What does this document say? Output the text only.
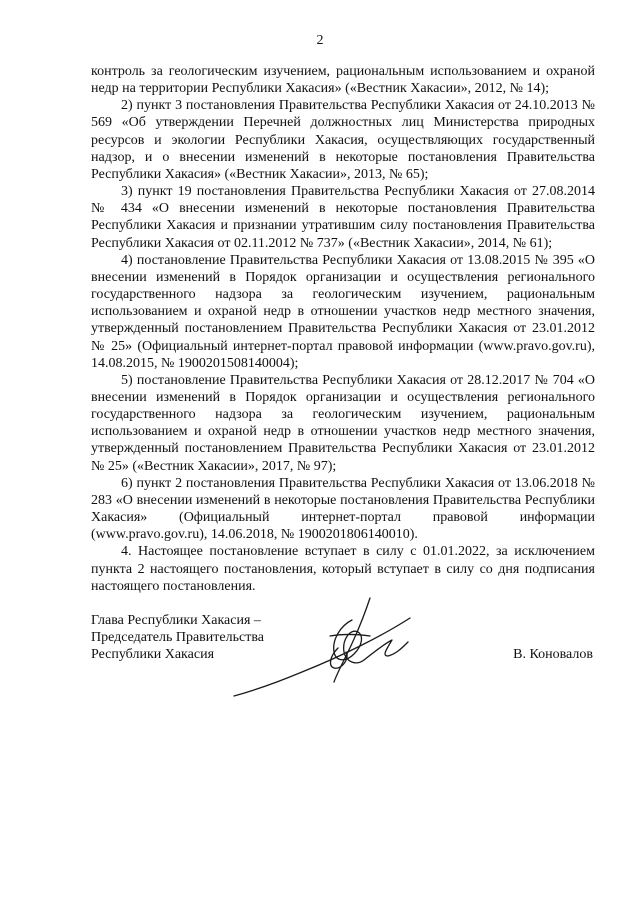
2

контроль за геологическим изучением, рациональным использованием и охраной недр на территории Республики Хакасия» («Вестник Хакасии», 2012, № 14);

2) пункт 3 постановления Правительства Республики Хакасия от 24.10.2013 № 569 «Об утверждении Перечней должностных лиц Министерства природных ресурсов и экологии Республики Хакасия, осуществляющих государственный надзор, и о внесении изменений в некоторые постановления Правительства Республики Хакасия» («Вестник Хакасии», 2013, № 65);

3) пункт 19 постановления Правительства Республики Хакасия от 27.08.2014 № 434 «О внесении изменений в некоторые постановления Правительства Республики Хакасия и признании утратившим силу постановления Правительства Республики Хакасия от 02.11.2012 № 737» («Вестник Хакасии», 2014, № 61);

4) постановление Правительства Республики Хакасия от 13.08.2015 № 395 «О внесении изменений в Порядок организации и осуществления регионального государственного надзора за геологическим изучением, рациональным использованием и охраной недр в отношении участков недр местного значения, утвержденный постановлением Правительства Республики Хакасия от 23.01.2012 № 25» (Официальный интернет-портал правовой информации (www.pravo.gov.ru), 14.08.2015, № 1900201508140004);

5) постановление Правительства Республики Хакасия от 28.12.2017 № 704 «О внесении изменений в Порядок организации и осуществления регионального государственного надзора за геологическим изучением, рациональным использованием и охраной недр в отношении участков недр местного значения, утвержденный постановлением Правительства Республики Хакасия от 23.01.2012 № 25» («Вестник Хакасии», 2017, № 97);

6) пункт 2 постановления Правительства Республики Хакасия от 13.06.2018 № 283 «О внесении изменений в некоторые постановления Правительства Республики Хакасия» (Официальный интернет-портал правовой информации (www.pravo.gov.ru), 14.06.2018, № 1900201806140010).

4. Настоящее постановление вступает в силу с 01.01.2022, за исключением пункта 2 настоящего постановления, который вступает в силу со дня подписания настоящего постановления.

Глава Республики Хакасия –
Председатель Правительства
Республики Хакасия	В. Коновалов
